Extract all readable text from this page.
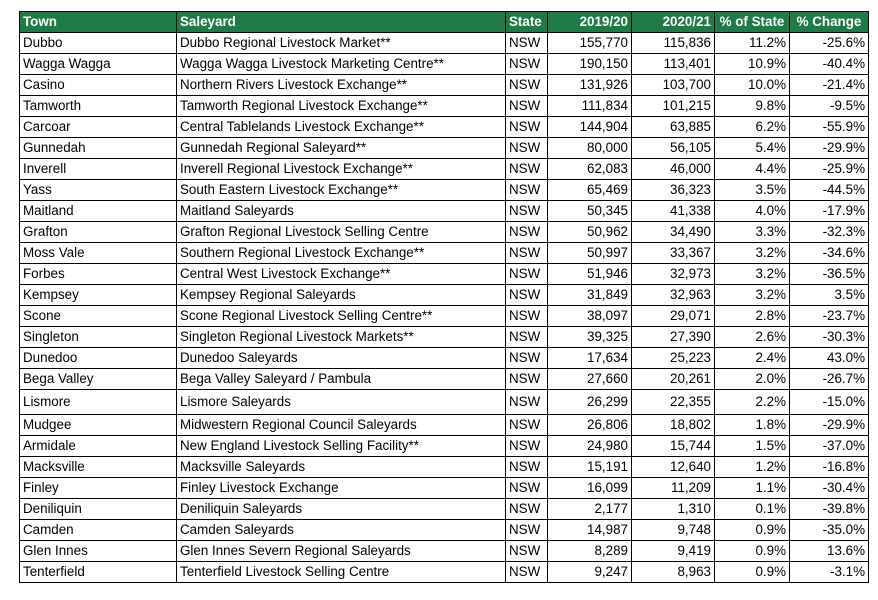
Town	Saleyard	State	2019/20	2020/21	% of State	% Change
Dubbo	Dubbo Regional Livestock Market**	NSW	155,770	115,836	11.2%	-25.6%
Wagga Wagga	Wagga Wagga Livestock Marketing Centre**	NSW	190,150	113,401	10.9%	-40.4%
Casino	Northern Rivers Livestock Exchange**	NSW	131,926	103,700	10.0%	-21.4%
Tamworth	Tamworth Regional Livestock Exchange**	NSW	111,834	101,215	9.8%	-9.5%
Carcoar	Central Tablelands Livestock Exchange**	NSW	144,904	63,885	6.2%	-55.9%
Gunnedah	Gunnedah Regional Saleyard**	NSW	80,000	56,105	5.4%	-29.9%
Inverell	Inverell Regional Livestock Exchange**	NSW	62,083	46,000	4.4%	-25.9%
Yass	South Eastern Livestock Exchange**	NSW	65,469	36,323	3.5%	-44.5%
Maitland	Maitland Saleyards	NSW	50,345	41,338	4.0%	-17.9%
Grafton	Grafton Regional Livestock Selling Centre	NSW	50,962	34,490	3.3%	-32.3%
Moss Vale	Southern Regional Livestock Exchange**	NSW	50,997	33,367	3.2%	-34.6%
Forbes	Central West Livestock Exchange**	NSW	51,946	32,973	3.2%	-36.5%
Kempsey	Kempsey Regional Saleyards	NSW	31,849	32,963	3.2%	3.5%
Scone	Scone Regional Livestock Selling Centre**	NSW	38,097	29,071	2.8%	-23.7%
Singleton	Singleton Regional Livestock Markets**	NSW	39,325	27,390	2.6%	-30.3%
Dunedoo	Dunedoo Saleyards	NSW	17,634	25,223	2.4%	43.0%
Bega Valley	Bega Valley Saleyard / Pambula	NSW	27,660	20,261	2.0%	-26.7%
Lismore	Lismore Saleyards	NSW	26,299	22,355	2.2%	-15.0%
Mudgee	Midwestern Regional Council Saleyards	NSW	26,806	18,802	1.8%	-29.9%
Armidale	New England Livestock Selling Facility**	NSW	24,980	15,744	1.5%	-37.0%
Macksville	Macksville Saleyards	NSW	15,191	12,640	1.2%	-16.8%
Finley	Finley Livestock Exchange	NSW	16,099	11,209	1.1%	-30.4%
Deniliquin	Deniliquin Saleyards	NSW	2,177	1,310	0.1%	-39.8%
Camden	Camden Saleyards	NSW	14,987	9,748	0.9%	-35.0%
Glen Innes	Glen Innes Severn Regional Saleyards	NSW	8,289	9,419	0.9%	13.6%
Tenterfield	Tenterfield Livestock Selling Centre	NSW	9,247	8,963	0.9%	-3.1%
